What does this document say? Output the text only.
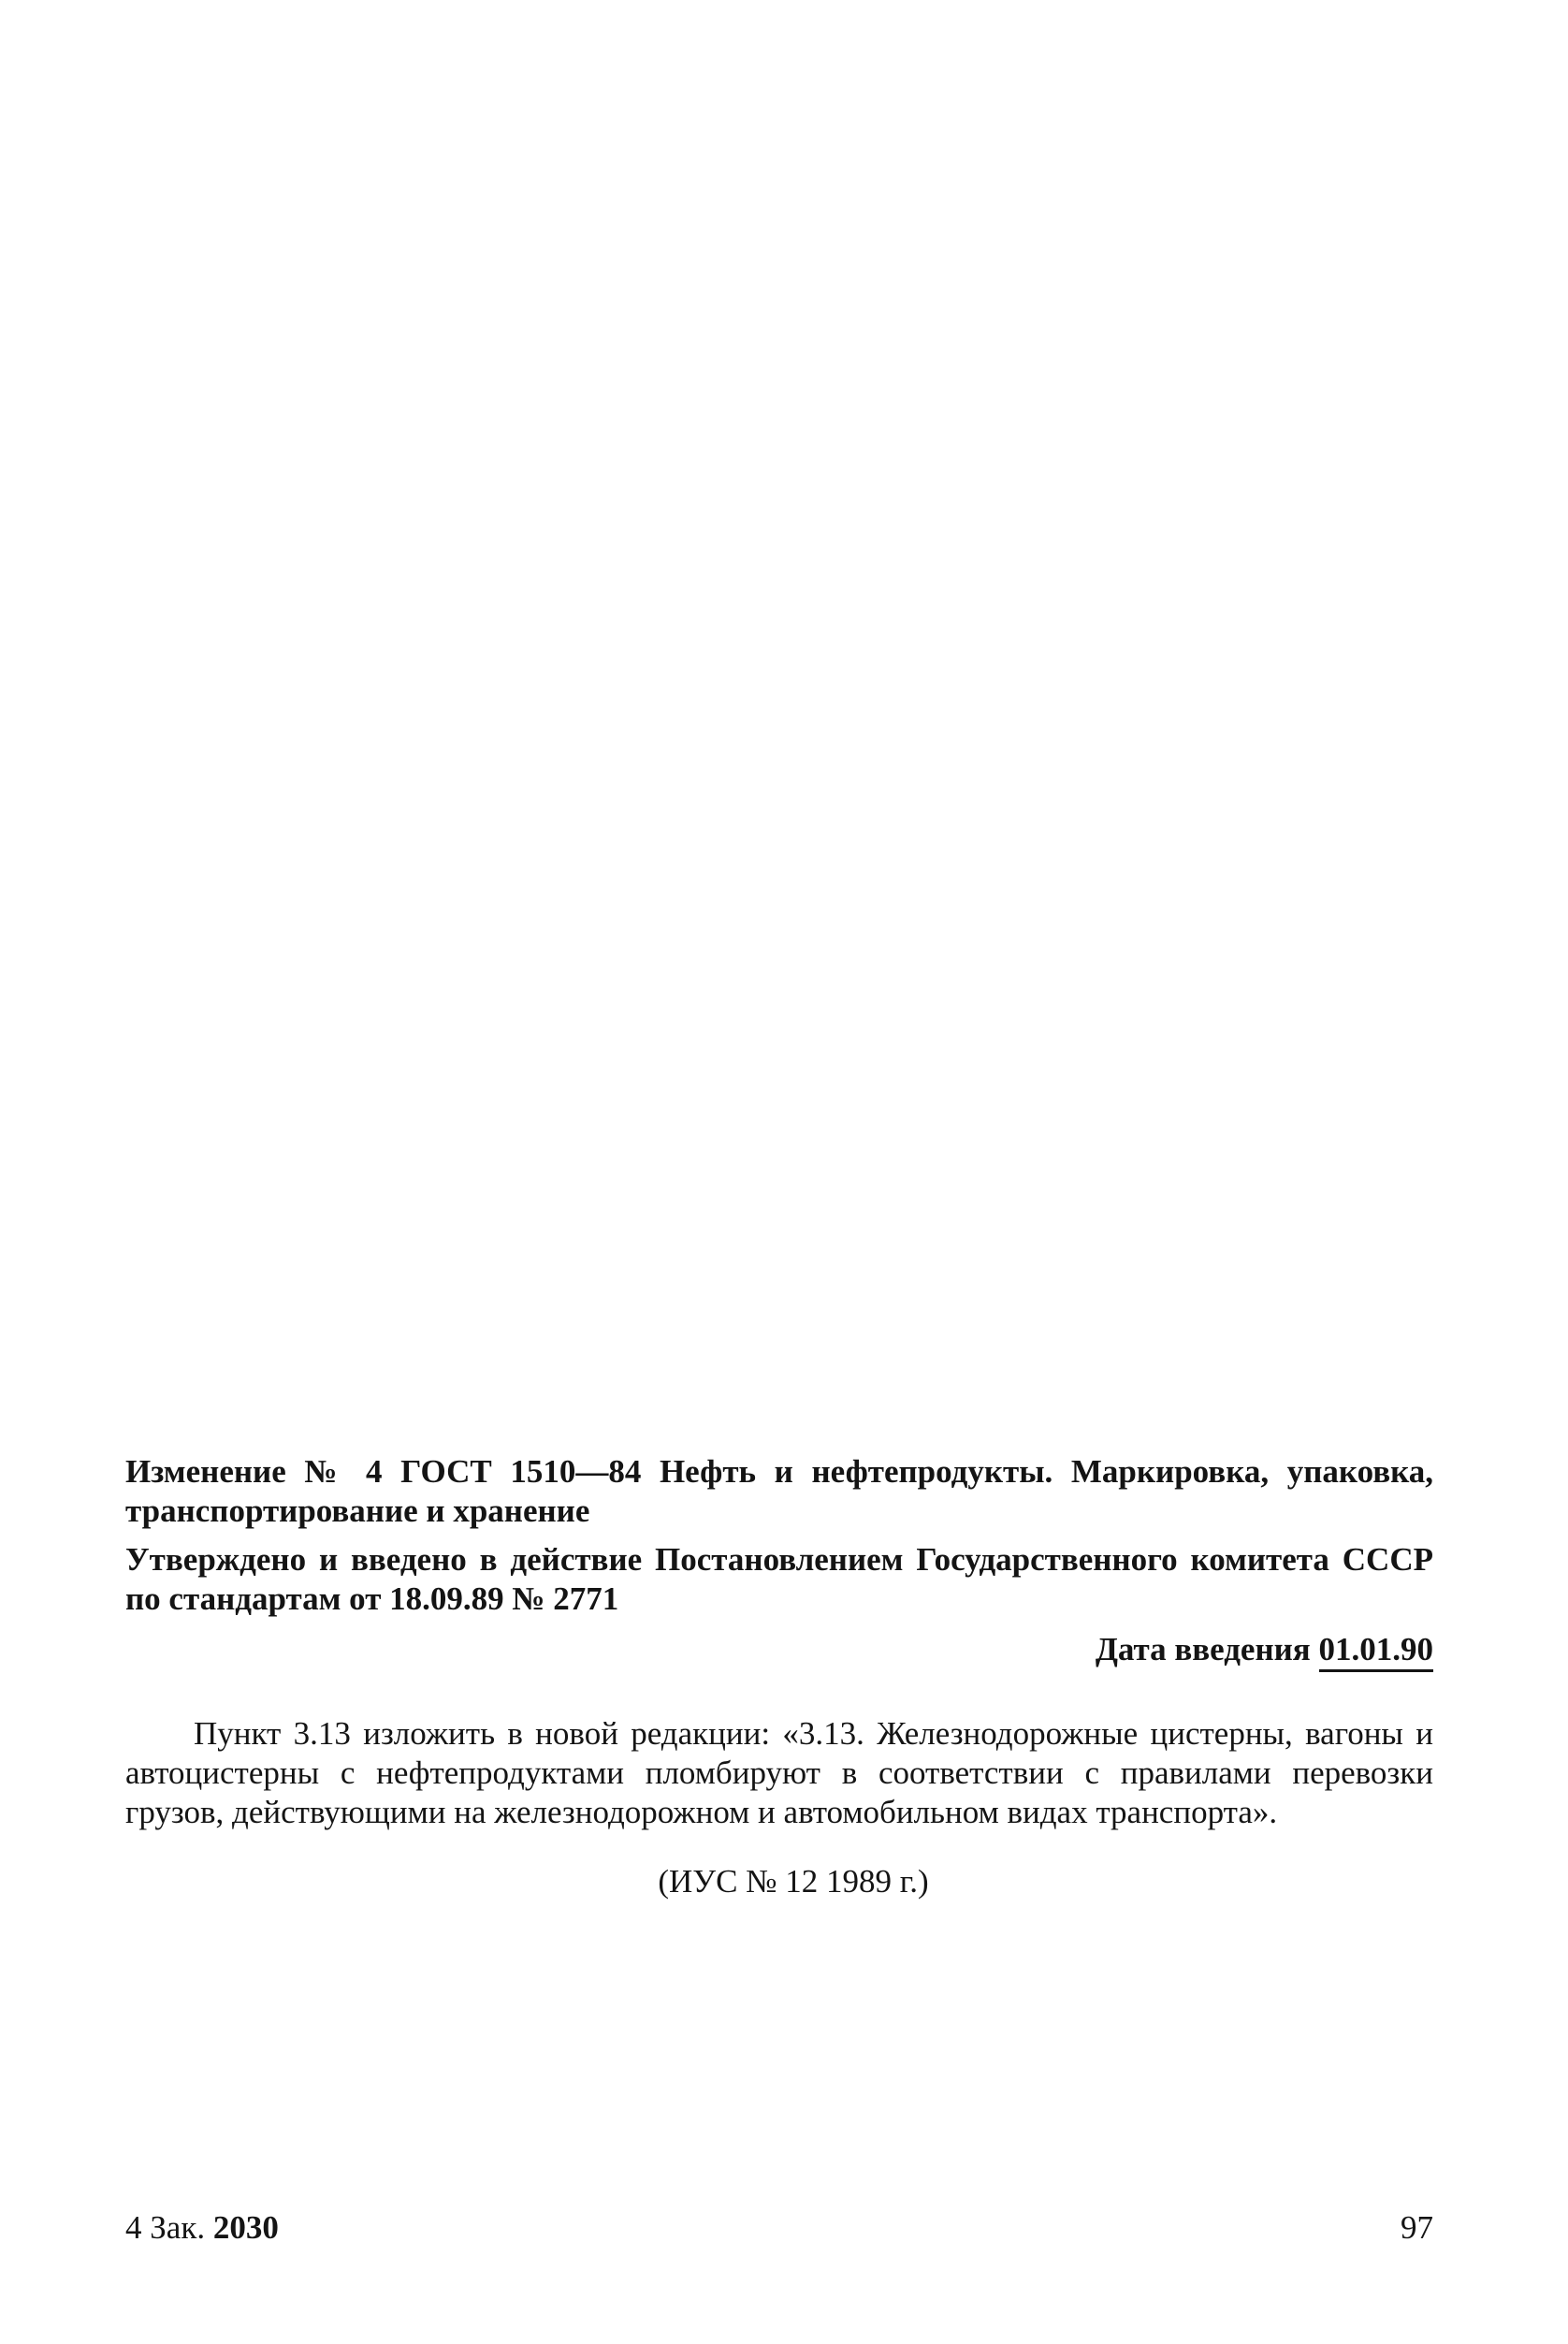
Изменение № 4 ГОСТ 1510—84 Нефть и нефтепродукты. Маркировка, упаковка, транспортирование и хранение
Утверждено и введено в действие Постановлением Государственного комитета СССР по стандартам от 18.09.89 № 2771
Дата введения 01.01.90
Пункт 3.13 изложить в новой редакции: «3.13. Железнодорожные цистерны, вагоны и автоцистерны с нефтепродуктами пломбируют в соответствии с правилами перевозки грузов, действующими на железнодорожном и автомобильном видах транспорта».
(ИУС № 12 1989 г.)
4 Зак. 2030	97
